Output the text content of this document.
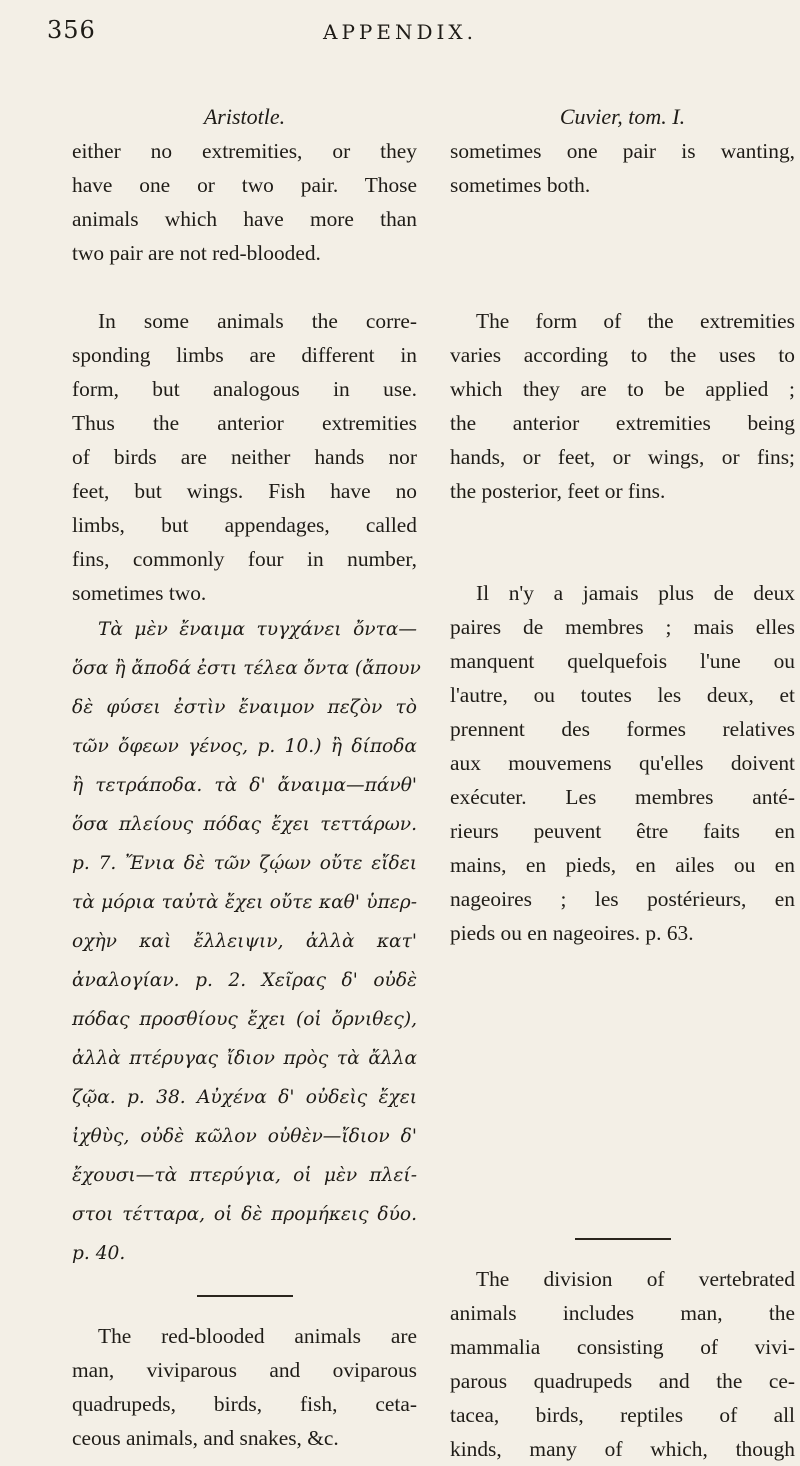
356	APPENDIX.
Aristotle.
either no extremities, or they
have one or two pair. Those
animals which have more than
two pair are not red-blooded.
In some animals the corre-
sponding limbs are different in
form, but analogous in use.
Thus the anterior extremities
of birds are neither hands nor
feet, but wings. Fish have no
limbs, but appendages, called
fins, commonly four in number,
sometimes two.
Τὰ μὲν ἔναιμα τυγχάνει ὄντα—
ὅσα ἢ ἄποδά ἐστι τέλεα ὄντα (ἄπουν
δὲ φύσει ἐστὶν ἔναιμον πεζὸν τὸ
τῶν ὄφεων γένος, p. 10.) ἢ δίποδα
ἢ τετράποδα. τὰ δ' ἄναιμα—πάνθ'
ὅσα πλείους πόδας ἔχει τεττάρων.
p. 7. Ἔνια δὲ τῶν ζῴων οὔτε εἴδει
τὰ μόρια ταὐτὰ ἔχει οὔτε καθ' ὑπερ-
οχὴν καὶ ἔλλειψιν, ἀλλὰ κατ'
ἀναλογίαν. p. 2. Χεῖρας δ' οὐδὲ
πόδας προσθίους ἔχει (οἱ ὄρνιθες),
ἀλλὰ πτέρυγας ἴδιον πρὸς τὰ ἄλλα
ζῷα. p. 38. Αὐχένα δ' οὐδεὶς ἔχει
ἰχθὺς, οὐδὲ κῶλον οὐθὲν—ἴδιον δ'
ἔχουσι—τὰ πτερύγια, οἱ μὲν πλεί-
στοι τέτταρα, οἱ δὲ προμήκεις δύο.
p. 40.
The red-blooded animals are
man, viviparous and oviparous
quadrupeds, birds, fish, ceta-
ceous animals, and snakes, &c.
Cuvier, tom. I.
sometimes one pair is wanting,
sometimes both.
The form of the extremities
varies according to the uses to
which they are to be applied ;
the anterior extremities being
hands, or feet, or wings, or fins;
the posterior, feet or fins.
Il n'y a jamais plus de deux
paires de membres ; mais elles
manquent quelquefois l'une ou
l'autre, ou toutes les deux, et
prennent des formes relatives
aux mouvemens qu'elles doivent
exécuter. Les membres anté-
rieurs peuvent être faits en
mains, en pieds, en ailes ou en
nageoires ; les postérieurs, en
pieds ou en nageoires. p. 63.
The division of vertebrated
animals includes man, the
mammalia consisting of vivi-
parous quadrupeds and the ce-
tacea, birds, reptiles of all
kinds, many of which, though
